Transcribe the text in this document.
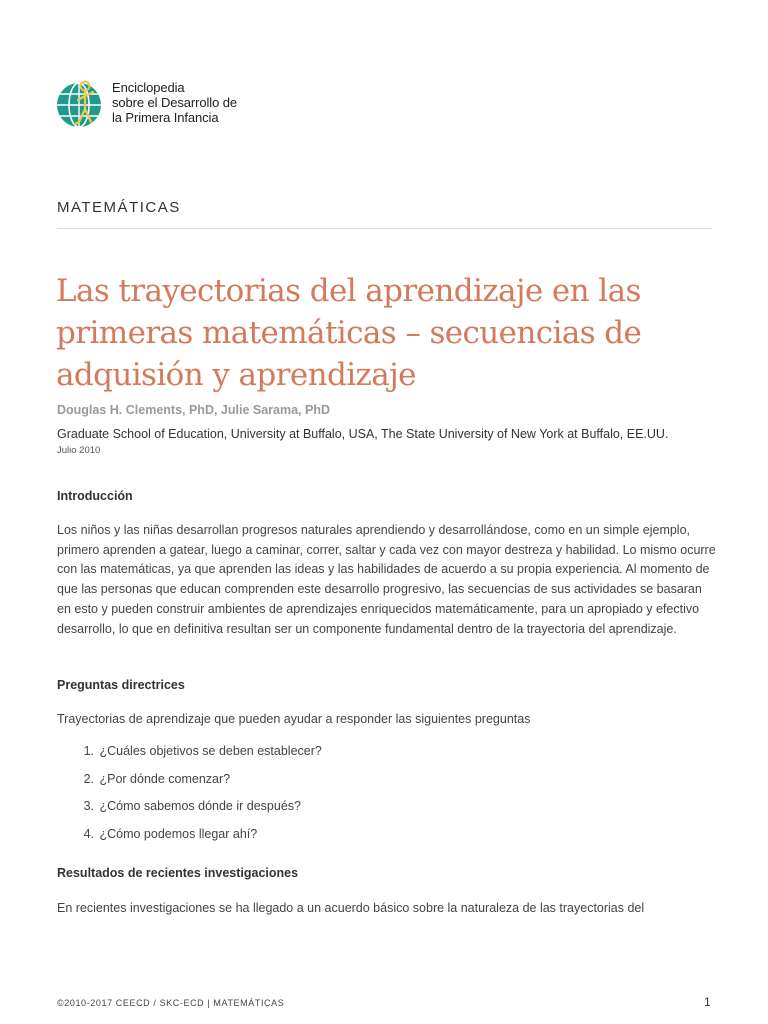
Enciclopedia
sobre el Desarrollo de
la Primera Infancia
MATEMÁTICAS
Las trayectorias del aprendizaje en las primeras matemáticas – secuencias de adquisión y aprendizaje
Douglas H. Clements, PhD, Julie Sarama, PhD
Graduate School of Education, University at Buffalo, USA, The State University of New York at Buffalo, EE.UU.
Julio 2010
Introducción
Los niños y las niñas desarrollan progresos naturales aprendiendo y desarrollándose, como en un simple ejemplo, primero aprenden a gatear, luego a caminar, correr, saltar y cada vez con mayor destreza y habilidad. Lo mismo ocurre con las matemáticas, ya que aprenden las ideas y las habilidades de acuerdo a su propia experiencia. Al momento de que las personas que educan comprenden este desarrollo progresivo, las secuencias de sus actividades se basaran en esto y pueden construir ambientes de aprendizajes enriquecidos matemáticamente, para un apropiado y efectivo desarrollo, lo que en definitiva resultan ser un componente fundamental dentro de la trayectoria del aprendizaje.
Preguntas directrices
Trayectorias de aprendizaje que pueden ayudar a responder las siguientes preguntas
1. ¿Cuáles objetivos se deben establecer?
2. ¿Por dónde comenzar?
3. ¿Cómo sabemos dónde ir después?
4. ¿Cómo podemos llegar ahí?
Resultados de recientes investigaciones
En recientes investigaciones se ha llegado a un acuerdo básico sobre la naturaleza de las trayectorias del
©2010-2017 CEECD / SKC-ECD | MATEMÁTICAS	1
